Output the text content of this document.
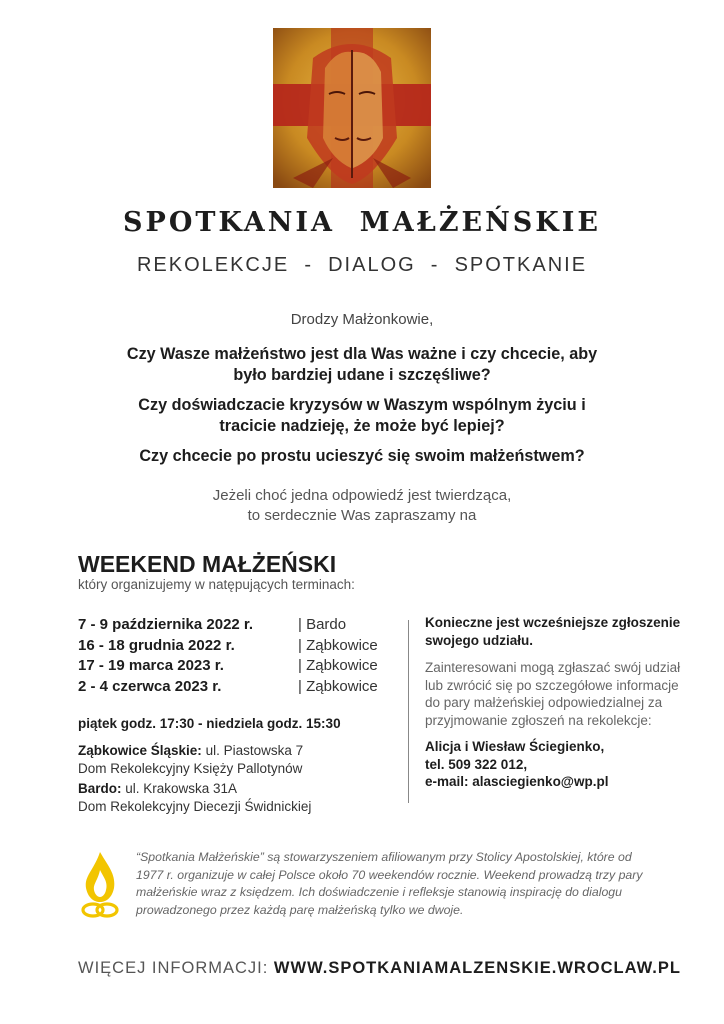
SPOTKANIA  MAŁŻEŃSKIE
REKOLEKCJE  -  DIALOG  -  SPOTKANIE
Drodzy Małżonkowie,

Czy Wasze małżeństwo jest dla Was ważne i czy chcecie, aby było bardziej udane i szczęśliwe?

Czy doświadczacie kryzysów w Waszym wspólnym życiu i tracicie nadzieję, że może być lepiej?

Czy chcecie po prostu ucieszyć się swoim małżeństwem?

Jeżeli choć jedna odpowiedź jest twierdząca,
to serdecznie Was zapraszamy na
WEEKEND MAŁŻEŃSKI
który organizujemy w natępujących terminach:
7 - 9 października 2022 r.	| Bardo
16 - 18 grudnia 2022 r.	| Ząbkowice
17 - 19 marca 2023 r.	| Ząbkowice
2 - 4 czerwca 2023 r.	| Ząbkowice
piątek godz. 17:30 - niedziela godz. 15:30
Ząbkowice Śląskie: ul. Piastowska 7
Dom Rekolekcyjny Księży Pallotynów
Bardo: ul. Krakowska 31A
Dom Rekolekcyjny Diecezji Świdnickiej
Konieczne jest wcześniejsze zgłoszenie swojego udziału.
Zainteresowani mogą zgłaszać swój udział lub zwrócić się po szczegółowe informacje do pary małżeńskiej odpowiedzialnej za przyjmowanie zgłoszeń na rekolekcje:
Alicja i Wiesław Ściegienko,
tel. 509 322 012,
e-mail: alasciegienko@wp.pl
“Spotkania Małżeńskie” są stowarzyszeniem afiliowanym przy Stolicy Apostolskiej, które od 1977 r. organizuje w całej Polsce około 70 weekendów rocznie. Weekend prowadzą trzy pary małżeńskie wraz z księdzem. Ich doświadczenie i refleksje stanowią inspirację do dialogu prowadzonego przez każdą parę małżeńską tylko we dwoje.
WIĘCEJ INFORMACJI: WWW.SPOTKANIAMALZENSKIE.WROCLAW.PL
